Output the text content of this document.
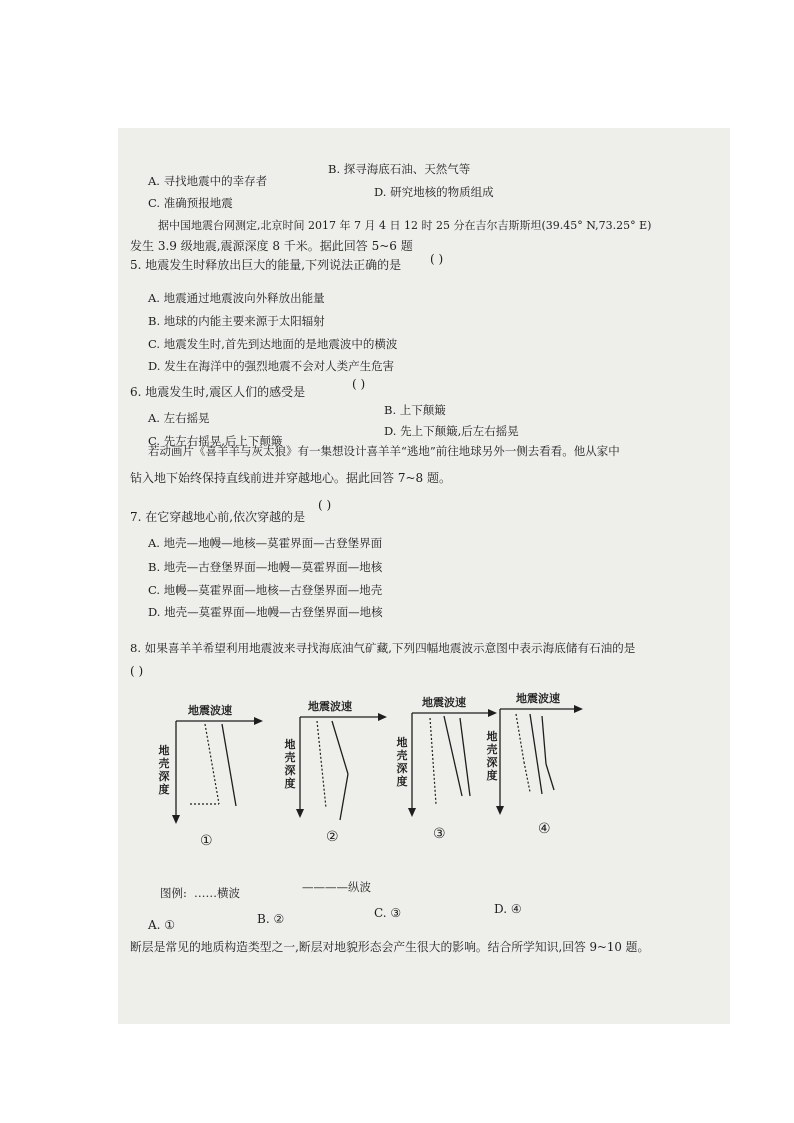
A. 寻找地震中的幸存者
B. 探寻海底石油、天然气等
C. 准确预报地震
D. 研究地核的物质组成
据中国地震台网测定,北京时间 2017 年 7 月 4 日 12 时 25 分在吉尔吉斯斯坦(39.45° N,73.25° E)
发生 3.9 级地震,震源深度 8 千米。据此回答 5~6 题
5. 地震发生时释放出巨大的能量,下列说法正确的是 ( )
A. 地震通过地震波向外释放出能量
B. 地球的内能主要来源于太阳辐射
C. 地震发生时,首先到达地面的是地震波中的横波
D. 发生在海洋中的强烈地震不会对人类产生危害
6. 地震发生时,震区人们的感受是
( )
A. 左右摇晃
B. 上下颠簸
C. 先左右摇晃,后上下颠簸
D. 先上下颠簸,后左右摇晃
若动画片《喜羊羊与灰太狼》有一集想设计喜羊羊“逃地”前往地球另外一侧去看看。他从家中
钻入地下始终保持直线前进并穿越地心。据此回答 7~8 题。
7. 在它穿越地心前,依次穿越的是
( )
A. 地壳—地幔—地核—莫霍界面—古登堡界面
B. 地壳—古登堡界面—地幔—莫霍界面—地核
C. 地幔—莫霍界面—地核—古登堡界面—地壳
D. 地壳—莫霍界面—地幔—古登堡界面—地核
8. 如果喜羊羊希望利用地震波来寻找海底油气矿藏,下列四幅地震波示意图中表示海底储有石油的是
( )
地震波速
地壳深度
①
地震波速
地壳深度
②
地震波速
地壳深度
③
地震波速
地壳深度
④
图例: ……横波	————纵波
A. ①	B. ②	C. ③	D. ④
断层是常见的地质构造类型之一,断层对地貌形态会产生很大的影响。结合所学知识,回答 9~10 题。
